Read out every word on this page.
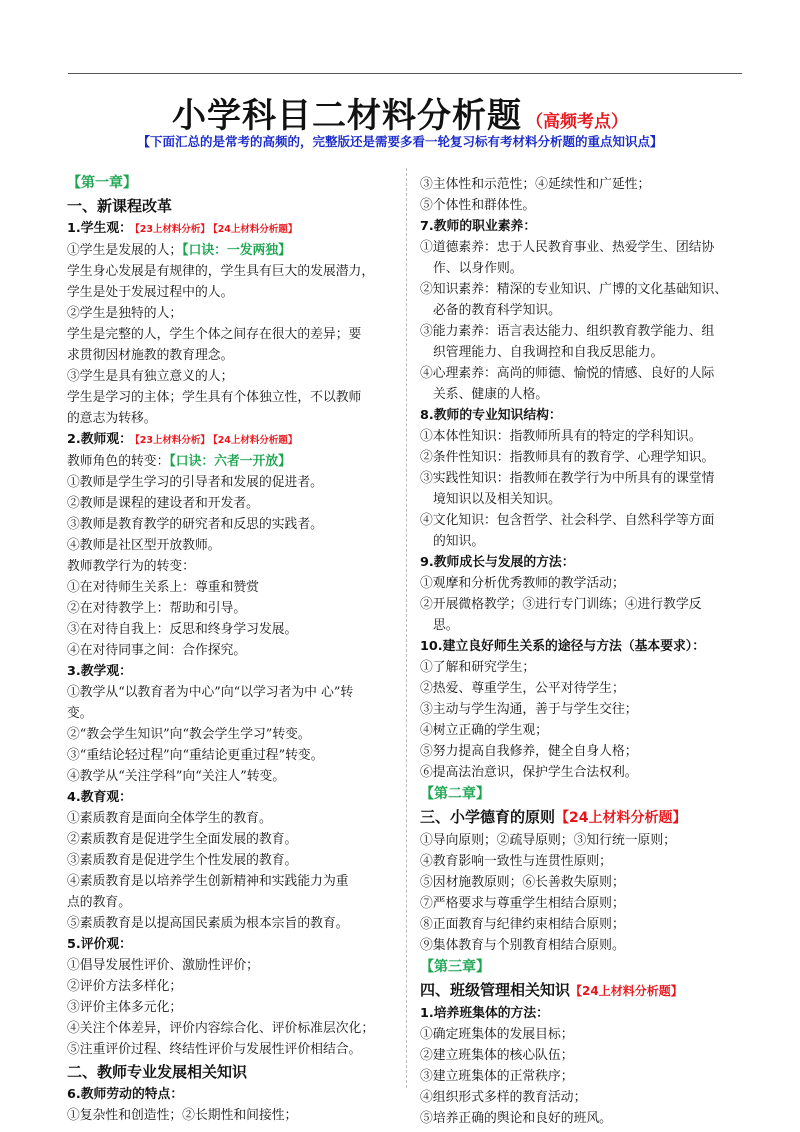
小学科目二材料分析题 （高频考点）
【下面汇总的是常考的高频的，完整版还是需要多看一轮复习标有考材料分析题的重点知识点】
【第一章】
一、新课程改革
1.学生观： 【23上材料分析】 【24上材料分析题】
①学生是发展的人；【口诀：一发两独】
学生身心发展是有规律的，学生具有巨大的发展潜力，
学生是处于发展过程中的人。
②学生是独特的人；
学生是完整的人，学生个体之间存在很大的差异；要
求贯彻因材施教的教育理念。
③学生是具有独立意义的人；
学生是学习的主体；学生具有个体独立性，不以教师
的意志为转移。
2.教师观： 【23上材料分析】 【24上材料分析题】
教师角色的转变：【口诀：六者一开放】
①教师是学生学习的引导者和发展的促进者。
②教师是课程的建设者和开发者。
③教师是教育教学的研究者和反思的实践者。
④教师是社区型开放教师。
教师教学行为的转变：
①在对待师生关系上：尊重和赞赏
②在对待教学上：帮助和引导。
③在对待自我上：反思和终身学习发展。
④在对待同事之间：合作探究。
3.教学观：
①教学从“以教育者为中心”向“以学习者为中 心”转
变。
②“教会学生知识”向“教会学生学习”转变。
③“重结论轻过程”向“重结论更重过程”转变。
④教学从“关注学科”向“关注人”转变。
4.教育观：
①素质教育是面向全体学生的教育。
②素质教育是促进学生全面发展的教育。
③素质教育是促进学生个性发展的教育。
④素质教育是以培养学生创新精神和实践能力为重
点的教育。
⑤素质教育是以提高国民素质为根本宗旨的教育。
5.评价观：
①倡导发展性评价、激励性评价；
②评价方法多样化；
③评价主体多元化；
④关注个体差异，评价内容综合化、评价标准层次化；
⑤注重评价过程、终结性评价与发展性评价相结合。
二、教师专业发展相关知识
6.教师劳动的特点：
①复杂性和创造性；②长期性和间接性；
③主体性和示范性；④延续性和广延性；
⑤个体性和群体性。
7.教师的职业素养：
①道德素养：忠于人民教育事业、热爱学生、团结协
作、以身作则。
②知识素养：精深的专业知识、广博的文化基础知识、
必备的教育科学知识。
③能力素养：语言表达能力、组织教育教学能力、组
织管理能力、自我调控和自我反思能力。
④心理素养：高尚的师德、愉悦的情感、良好的人际
关系、健康的人格。
8.教师的专业知识结构：
①本体性知识：指教师所具有的特定的学科知识。
②条件性知识：指教师具有的教育学、心理学知识。
③实践性知识：指教师在教学行为中所具有的课堂情
境知识以及相关知识。
④文化知识：包含哲学、社会科学、自然科学等方面
的知识。
9.教师成长与发展的方法：
①观摩和分析优秀教师的教学活动；
②开展微格教学；③进行专门训练；④进行教学反
思。
10.建立良好师生关系的途径与方法（基本要求）：
①了解和研究学生；
②热爱、尊重学生，公平对待学生；
③主动与学生沟通，善于与学生交往；
④树立正确的学生观；
⑤努力提高自我修养，健全自身人格；
⑥提高法治意识，保护学生合法权利。
【第二章】
三、小学德育的原则【24上材料分析题】
①导向原则；②疏导原则；③知行统一原则；
④教育影响一致性与连贯性原则；
⑤因材施教原则；⑥长善救失原则；
⑦严格要求与尊重学生相结合原则；
⑧正面教育与纪律约束相结合原则；
⑨集体教育与个别教育相结合原则。
【第三章】
四、班级管理相关知识【24上材料分析题】
1.培养班集体的方法：
①确定班集体的发展目标；
②建立班集体的核心队伍；
③建立班集体的正常秩序；
④组织形式多样的教育活动；
⑤培养正确的舆论和良好的班风。
